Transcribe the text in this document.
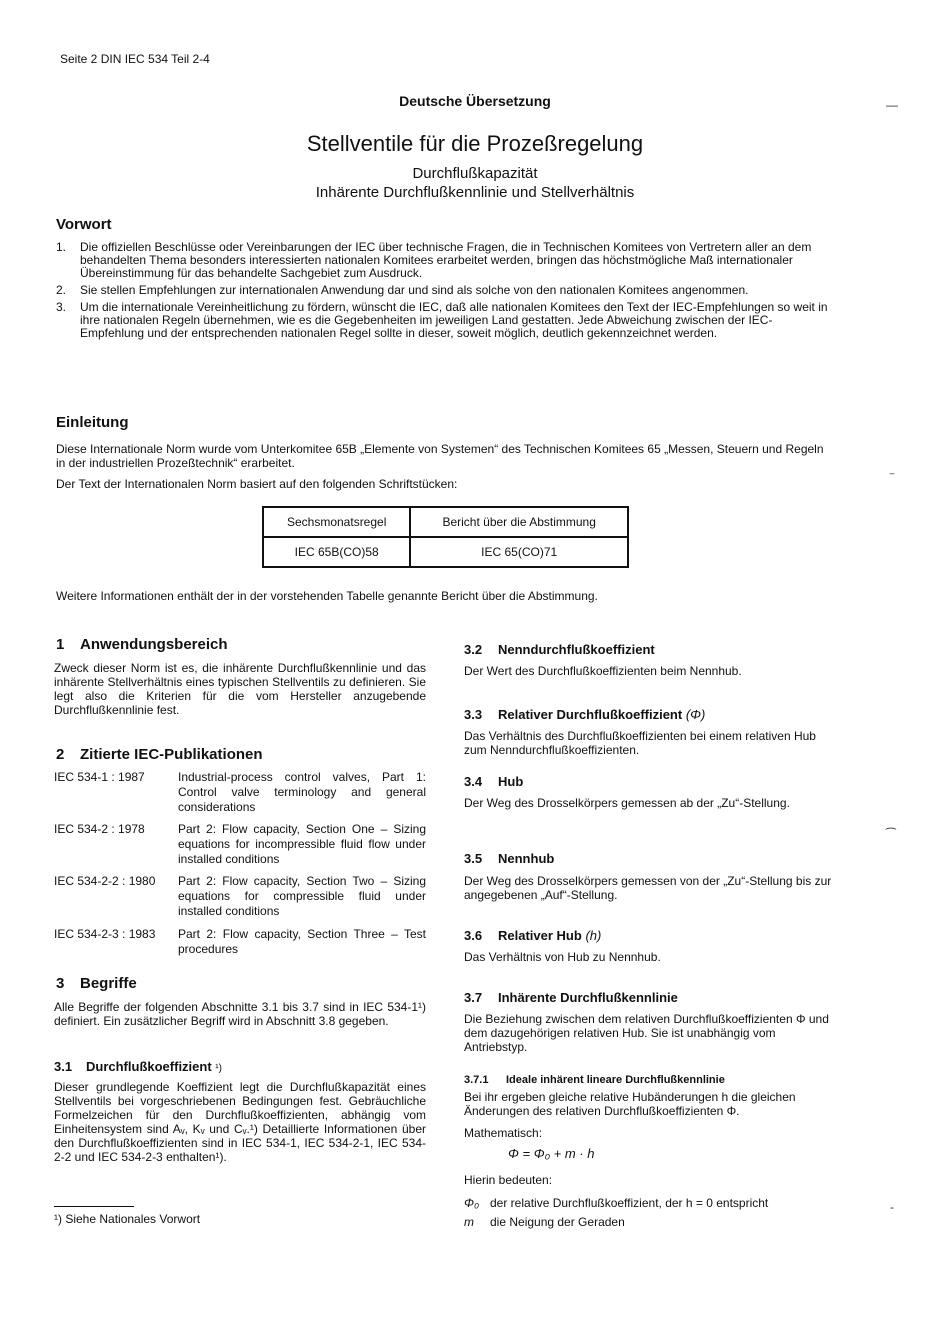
Seite 2 DIN IEC 534 Teil 2-4
Deutsche Übersetzung
Stellventile für die Prozeßregelung
Durchflußkapazität
Inhärente Durchflußkennlinie und Stellverhältnis
—
‾
⁀
-
Vorwort
1. Die offiziellen Beschlüsse oder Vereinbarungen der IEC über technische Fragen, die in Technischen Komitees von Vertretern aller an dem behandelten Thema besonders interessierten nationalen Komitees erarbeitet werden, bringen das höchstmögliche Maß internationaler Übereinstimmung für das behandelte Sachgebiet zum Ausdruck.
2. Sie stellen Empfehlungen zur internationalen Anwendung dar und sind als solche von den nationalen Komitees angenommen.
3. Um die internationale Vereinheitlichung zu fördern, wünscht die IEC, daß alle nationalen Komitees den Text der IEC-Empfehlungen so weit in ihre nationalen Regeln übernehmen, wie es die Gegebenheiten im jeweiligen Land gestatten. Jede Abweichung zwischen der IEC-Empfehlung und der entsprechenden nationalen Regel sollte in dieser, soweit möglich, deutlich gekennzeichnet werden.
Einleitung
Diese Internationale Norm wurde vom Unterkomitee 65B „Elemente von Systemen“ des Technischen Komitees 65 „Messen, Steuern und Regeln in der industriellen Prozeßtechnik“ erarbeitet.
Der Text der Internationalen Norm basiert auf den folgenden Schriftstücken:
Sechsmonatsregel	Bericht über die Abstimmung
IEC 65B(CO)58	IEC 65(CO)71
Weitere Informationen enthält der in der vorstehenden Tabelle genannte Bericht über die Abstimmung.
1 Anwendungsbereich
Zweck dieser Norm ist es, die inhärente Durchflußkennlinie und das inhärente Stellverhältnis eines typischen Stellventils zu definieren. Sie legt also die Kriterien für die vom Hersteller anzugebende Durchflußkennlinie fest.
2 Zitierte IEC-Publikationen
IEC 534-1 : 1987	Industrial-process control valves, Part 1: Control valve terminology and general considerations
IEC 534-2 : 1978	Part 2: Flow capacity, Section One – Sizing equations for incompressible fluid flow under installed conditions
IEC 534-2-2 : 1980	Part 2: Flow capacity, Section Two – Sizing equations for compressible fluid under installed conditions
IEC 534-2-3 : 1983	Part 2: Flow capacity, Section Three – Test procedures
3 Begriffe
Alle Begriffe der folgenden Abschnitte 3.1 bis 3.7 sind in IEC 534-1¹) definiert. Ein zusätzlicher Begriff wird in Abschnitt 3.8 gegeben.
3.1 Durchflußkoeffizient ¹)
Dieser grundlegende Koeffizient legt die Durchflußkapazität eines Stellventils bei vorgeschriebenen Bedingungen fest. Gebräuchliche Formelzeichen für den Durchflußkoeffizienten, abhängig vom Einheitensystem sind Aᵥ, Kᵥ und Cᵥ.¹) Detaillierte Informationen über den Durchflußkoeffizienten sind in IEC 534-1, IEC 534-2-1, IEC 534-2-2 und IEC 534-2-3 enthalten¹).
¹) Siehe Nationales Vorwort
3.2 Nenndurchflußkoeffizient
Der Wert des Durchflußkoeffizienten beim Nennhub.
3.3 Relativer Durchflußkoeffizient (Φ)
Das Verhältnis des Durchflußkoeffizienten bei einem relativen Hub zum Nenndurchflußkoeffizienten.
3.4 Hub
Der Weg des Drosselkörpers gemessen ab der „Zu“-Stellung.
3.5 Nennhub
Der Weg des Drosselkörpers gemessen von der „Zu“-Stellung bis zur angegebenen „Auf“-Stellung.
3.6 Relativer Hub (h)
Das Verhältnis von Hub zu Nennhub.
3.7 Inhärente Durchflußkennlinie
Die Beziehung zwischen dem relativen Durchflußkoeffizienten Φ und dem dazugehörigen relativen Hub. Sie ist unabhängig vom Antriebstyp.
3.7.1 Ideale inhärent lineare Durchflußkennlinie
Bei ihr ergeben gleiche relative Hubänderungen h die gleichen Änderungen des relativen Durchflußkoeffizienten Φ.
Mathematisch:
Φ = Φ₀ + m · h
Hierin bedeuten:
Φ₀ der relative Durchflußkoeffizient, der h = 0 entspricht
m die Neigung der Geraden
